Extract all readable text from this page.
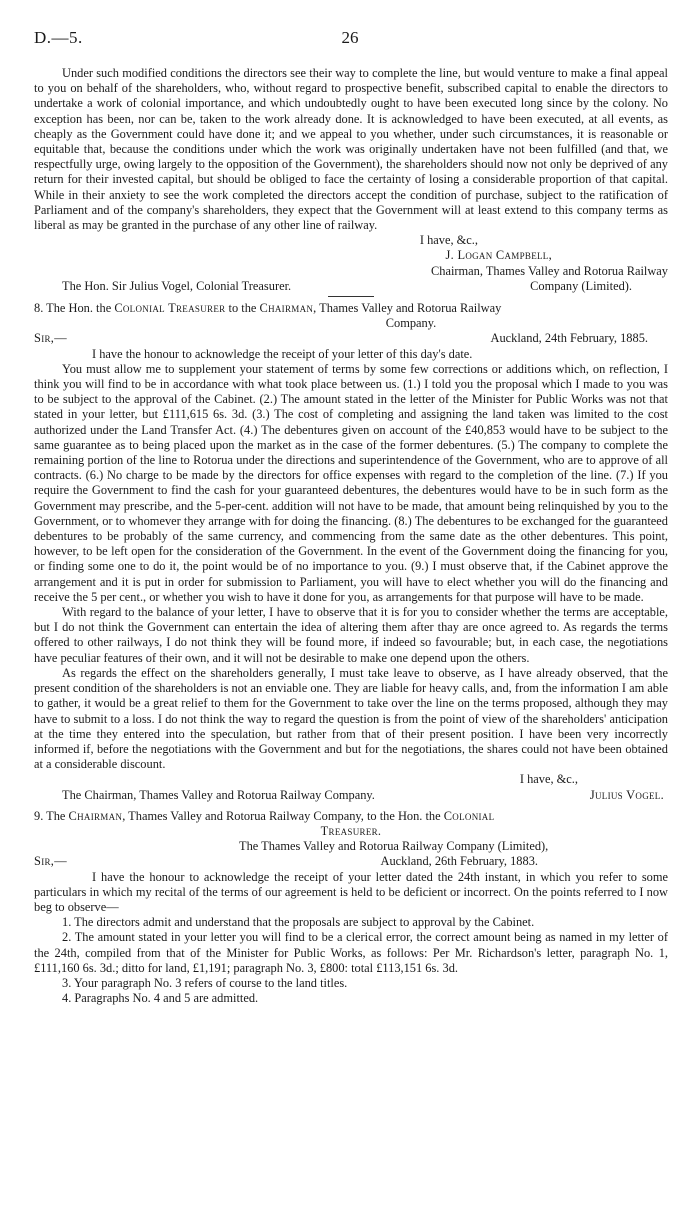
D.—5.	26

Under such modified conditions the directors see their way to complete the line, but would venture to make a final appeal to you on behalf of the shareholders, who, without regard to prospective benefit, subscribed capital to enable the directors to undertake a work of colonial importance, and which undoubtedly ought to have been executed long since by the colony. No exception has been, nor can be, taken to the work already done. It is acknowledged to have been executed, at all events, as cheaply as the Government could have done it; and we appeal to you whether, under such circumstances, it is reasonable or equitable that, because the conditions under which the work was originally undertaken have not been fulfilled (and that, we respectfully urge, owing largely to the opposition of the Government), the shareholders should now not only be deprived of any return for their invested capital, but should be obliged to face the certainty of losing a considerable proportion of that capital. While in their anxiety to see the work completed the directors accept the condition of purchase, subject to the ratification of Parliament and of the company's shareholders, they expect that the Government will at least extend to this company terms as liberal as may be granted in the purchase of any other line of railway.

I have, &c.,

J. Logan Campbell,

Chairman, Thames Valley and Rotorua Railway

The Hon. Sir Julius Vogel, Colonial Treasurer.	Company (Limited).

8. The Hon. the Colonial Treasurer to the Chairman, Thames Valley and Rotorua Railway

Company.

Sir,—	Auckland, 24th February, 1885.

I have the honour to acknowledge the receipt of your letter of this day's date.

You must allow me to supplement your statement of terms by some few corrections or additions which, on reflection, I think you will find to be in accordance with what took place between us. (1.) I told you the proposal which I made to you was to be subject to the approval of the Cabinet. (2.) The amount stated in the letter of the Minister for Public Works was not that stated in your letter, but £111,615 6s. 3d. (3.) The cost of completing and assigning the land taken was limited to the cost authorized under the Land Transfer Act. (4.) The debentures given on account of the £40,853 would have to be subject to the same guarantee as to being placed upon the market as in the case of the former debentures. (5.) The company to complete the remaining portion of the line to Rotorua under the directions and superintendence of the Government, who are to approve of all contracts. (6.) No charge to be made by the directors for office expenses with regard to the completion of the line. (7.) If you require the Government to find the cash for your guaranteed debentures, the debentures would have to be in such form as the Government may prescribe, and the 5-per-cent. addition will not have to be made, that amount being relinquished by you to the Government, or to whomever they arrange with for doing the financing. (8.) The debentures to be exchanged for the guaranteed debentures to be probably of the same currency, and commencing from the same date as the other debentures. This point, however, to be left open for the consideration of the Government. In the event of the Government doing the financing for you, or finding some one to do it, the point would be of no importance to you. (9.) I must observe that, if the Cabinet approve the arrangement and it is put in order for submission to Parliament, you will have to elect whether you will do the financing and receive the 5 per cent., or whether you wish to have it done for you, as arrangements for that purpose will have to be made.

With regard to the balance of your letter, I have to observe that it is for you to consider whether the terms are acceptable, but I do not think the Government can entertain the idea of altering them after thay are once agreed to. As regards the terms offered to other railways, I do not think they will be found more, if indeed so favourable; but, in each case, the negotiations have peculiar features of their own, and it will not be desirable to make one depend upon the others.

As regards the effect on the shareholders generally, I must take leave to observe, as I have already observed, that the present condition of the shareholders is not an enviable one. They are liable for heavy calls, and, from the information I am able to gather, it would be a great relief to them for the Government to take over the line on the terms proposed, although they may have to submit to a loss. I do not think the way to regard the question is from the point of view of the shareholders' anticipation at the time they entered into the speculation, but rather from that of their present position. I have been very incorrectly informed if, before the negotiations with the Government and but for the negotiations, the shares could not have been obtained at a considerable discount.

I have, &c.,

The Chairman, Thames Valley and Rotorua Railway Company.	Julius Vogel.

9. The Chairman, Thames Valley and Rotorua Railway Company, to the Hon. the Colonial

Treasurer.

The Thames Valley and Rotorua Railway Company (Limited),

Sir,—	Auckland, 26th February, 1883.

I have the honour to acknowledge the receipt of your letter dated the 24th instant, in which you refer to some particulars in which my recital of the terms of our agreement is held to be deficient or incorrect. On the points referred to I now beg to observe—

1. The directors admit and understand that the proposals are subject to approval by the Cabinet.

2. The amount stated in your letter you will find to be a clerical error, the correct amount being as named in my letter of the 24th, compiled from that of the Minister for Public Works, as follows: Per Mr. Richardson's letter, paragraph No. 1, £111,160 6s. 3d.; ditto for land, £1,191; paragraph No. 3, £800: total £113,151 6s. 3d.

3. Your paragraph No. 3 refers of course to the land titles.

4. Paragraphs No. 4 and 5 are admitted.
